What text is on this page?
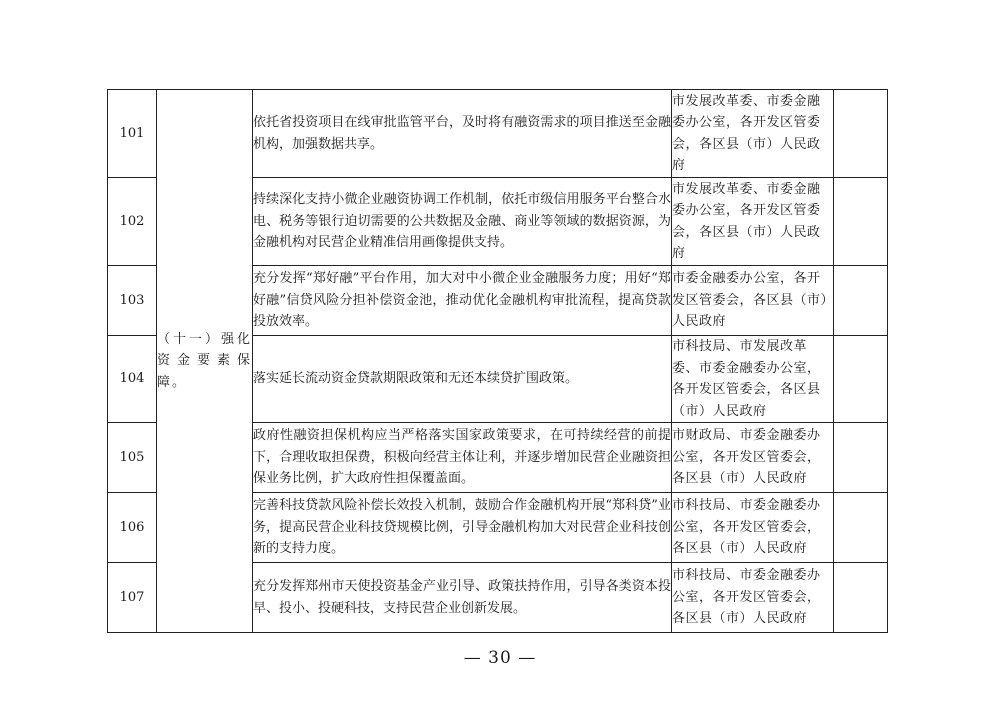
101	（十一）强化资金要素保障。	依托省投资项目在线审批监管平台，及时将有融资需求的项目推送至金融机构，加强数据共享。	市发展改革委、市委金融委办公室，各开发区管委会，各区县（市）人民政府	
102		持续深化支持小微企业融资协调工作机制，依托市级信用服务平台整合水电、税务等银行迫切需要的公共数据及金融、商业等领域的数据资源，为金融机构对民营企业精准信用画像提供支持。	市发展改革委、市委金融委办公室，各开发区管委会，各区县（市）人民政府	
103		充分发挥“郑好融”平台作用，加大对中小微企业金融服务力度；用好“郑好融”信贷风险分担补偿资金池，推动优化金融机构审批流程，提高贷款投放效率。	市委金融委办公室，各开发区管委会，各区县（市）人民政府	
104		落实延长流动资金贷款期限政策和无还本续贷扩围政策。	市科技局、市发展改革委、市委金融委办公室，各开发区管委会，各区县（市）人民政府	
105		政府性融资担保机构应当严格落实国家政策要求，在可持续经营的前提下，合理收取担保费，积极向经营主体让利，并逐步增加民营企业融资担保业务比例，扩大政府性担保覆盖面。	市财政局、市委金融委办公室，各开发区管委会，各区县（市）人民政府	
106		完善科技贷款风险补偿长效投入机制，鼓励合作金融机构开展“郑科贷”业务，提高民营企业科技贷规模比例，引导金融机构加大对民营企业科技创新的支持力度。	市科技局、市委金融委办公室，各开发区管委会，各区县（市）人民政府	
107		充分发挥郑州市天使投资基金产业引导、政策扶持作用，引导各类资本投早、投小、投硬科技，支持民营企业创新发展。	市科技局、市委金融委办公室，各开发区管委会，各区县（市）人民政府	
— 30 —
